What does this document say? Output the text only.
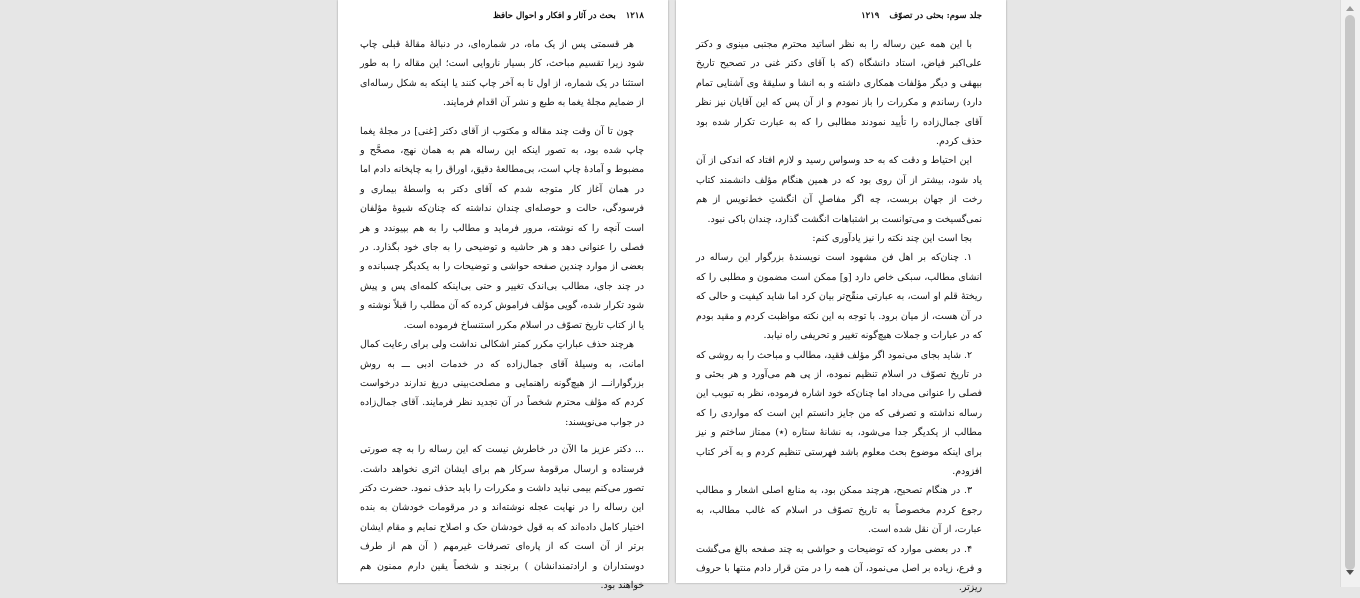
۱۲۱۸
بحث در آثار و افکار و احوال حافظ

هر قسمتی پس از یک ماه، در شماره‌ای، در دنبالهٔ مقالهٔ قبلی چاپ شود زیرا تقسیم مباحث، کار بسیار ناروایی است؛ این مقاله را به طور استثنا در یک شماره، از اول تا به آخر چاپ کنند یا اینکه به شکل رساله‌ای از ضمایم مجلهٔ یغما به طبع و نشر آن اقدام فرمایند.

چون تا آن وقت چند مقاله و مکتوب از آقای دکتر [غنی] در مجلهٔ یغما چاپ شده بود، به تصور اینکه این رساله هم به همان نهج، مصحَّح و مضبوط و آمادهٔ چاپ است، بی‌مطالعهٔ دقیق، اوراق را به چاپخانه دادم اما در همان آغاز کار متوجه شدم که آقای دکتر به واسطهٔ بیماری و فرسودگی، حالت و حوصله‌ای چندان نداشته که چنان‌که شیوهٔ مؤلفان است آنچه را که نوشته، مرور فرماید و مطالب را به هم بپیوندد و هر فصلی را عنوانی دهد و هر حاشیه و توضیحی را به جای خود بگذارد. در بعضی از موارد چندین صفحه حواشی و توضیحات را به یکدیگر چسبانده و در چند جای، مطالب بی‌اندک تغییر و حتی بی‌اینکه کلمه‌ای پس و پیش شود تکرار شده، گویی مؤلف فراموش کرده که آن مطلب را قبلاً نوشته و یا از کتاب تاریخ تصوّف در اسلام مکرر استنساخ فرموده است.

هرچند حذف عباراتِ مکرر کمتر اشکالی نداشت ولی برای رعایت کمال امانت، به وسیلهٔ آقای جمال‌زاده که در خدمات ادبی ـــ به روش بزرگوارانـــ از هیچ‌گونه راهنمایی و مصلحت‌بینی دریغ ندارند درخواست کردم که مؤلف محترم شخصاً در آن تجدید نظر فرمایند. آقای جمال‌زاده در جواب می‌نویسند:

... دکتر عزیز ما الآن در خاطرش نیست که این رساله را به چه صورتی فرستاده و ارسال مرقومهٔ سرکار هم برای ایشان اثری نخواهد داشت. تصور می‌کنم بیمی نباید داشت و مکررات را باید حذف نمود. حضرت دکتر این رساله را در نهایت عجله نوشته‌اند و در مرقومات خودشان به بنده اختیار کامل داده‌اند که به قول خودشان حک و اصلاح نمایم و مقام ایشان برتر از آن است که از پاره‌ای تصرفات غیرمهم ( آن هم از طرف دوستداران و ارادتمندانشان ) برنجند و شخصاً یقین دارم ممنون هم خواهند بود.

جلد سوم: بحثی در تصوّف
۱۲۱۹

با این همه عین رساله را به نظر اساتید محترم مجتبی مینوی و دکتر علی‌اکبر فیاض، استاد دانشگاه (که با آقای دکتر غنی در تصحیح تاریخ بیهقی و دیگر مؤلفات همکاری داشته و به انشا و سلیقهٔ وی آشنایی تمام دارد) رساندم و مکررات را باز نمودم و از آن پس که این آقایان نیز نظر آقای جمال‌زاده را تأیید نمودند مطالبی را که به عبارت تکرار شده بود حذف کردم.

این احتیاط و دقت که به حد وسواس رسید و لازم افتاد که اندکی از آن یاد شود، بیشتر از آن روی بود که در همین هنگام مؤلف دانشمند کتاب رخت از جهان بربست، چه اگر مفاصلِ آن انگشتِ خط‌نویس از هم نمی‌گسیخت و می‌توانست بر اشتباهات انگشت گذارد، چندان باکی نبود.

بجا است این چند نکته را نیز یادآوری کنم:

۱. چنان‌که بر اهل فن مشهود است نویسندهٔ بزرگوار این رساله در انشای مطالب، سبکی خاص دارد [و] ممکن است مضمون و مطلبی را که ریختهٔ قلم او است، به عبارتی منقّح‌تر بیان کرد اما شاید کیفیت و حالی که در آن هست، از میان برود. با توجه به این نکته مواظبت کردم و مقید بودم که در عبارات و جملات هیچ‌گونه تغییر و تحریفی راه نیابد.

۲. شاید بجای می‌نمود اگر مؤلف فقید، مطالب و مباحث را به روشی که در تاریخ تصوّف در اسلام تنظیم نموده، از پی هم می‌آورد و هر بحثی و فصلی را عنوانی می‌داد اما چنان‌که خود اشاره فرموده، نظر به تبویب این رساله نداشته و تصرفی که من جایز دانستم این است که مواردی را که مطالب از یکدیگر جدا می‌شود، به نشانهٔ ستاره (٭) ممتاز ساختم و نیز برای اینکه موضوع بحث معلوم باشد فهرستی تنظیم کردم و به آخر کتاب افزودم.

۳. در هنگام تصحیح، هرچند ممکن بود، به منابع اصلی اشعار و مطالب رجوع کردم مخصوصاً به تاریخ تصوّف در اسلام که غالب مطالب، به عبارت، از آن نقل شده است.

۴. در بعضی موارد که توضیحات و حواشی به چند صفحه بالغ می‌گشت و فرع، زیاده بر اصل می‌نمود، آن همه را در متن قرار دادم منتها با حروف ریزتر.
